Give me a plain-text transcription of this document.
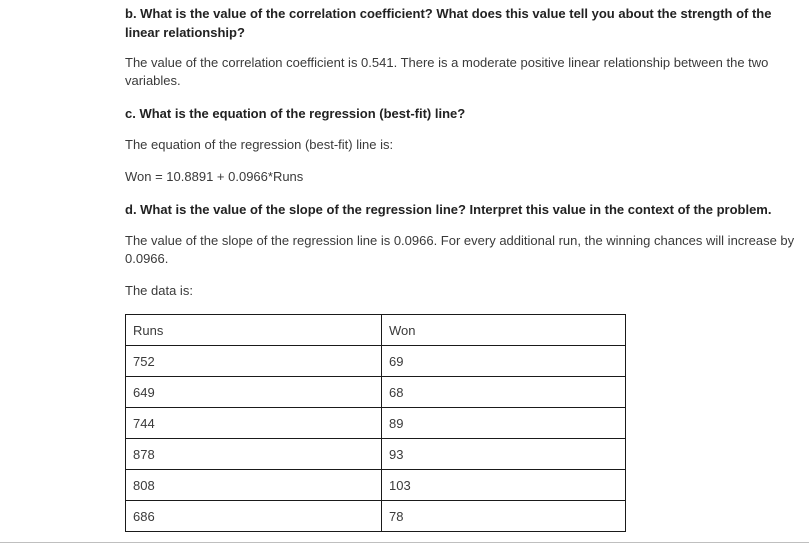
b. What is the value of the correlation coefficient? What does this value tell you about the strength of the linear relationship?

The value of the correlation coefficient is 0.541. There is a moderate positive linear relationship between the two variables.

c. What is the equation of the regression (best-fit) line?

The equation of the regression (best-fit) line is:

Won = 10.8891 + 0.0966*Runs

d. What is the value of the slope of the regression line? Interpret this value in the context of the problem.

The value of the slope of the regression line is 0.0966. For every additional run, the winning chances will increase by 0.0966.

The data is:

Runs	Won
752	69
649	68
744	89
878	93
808	103
686	78
